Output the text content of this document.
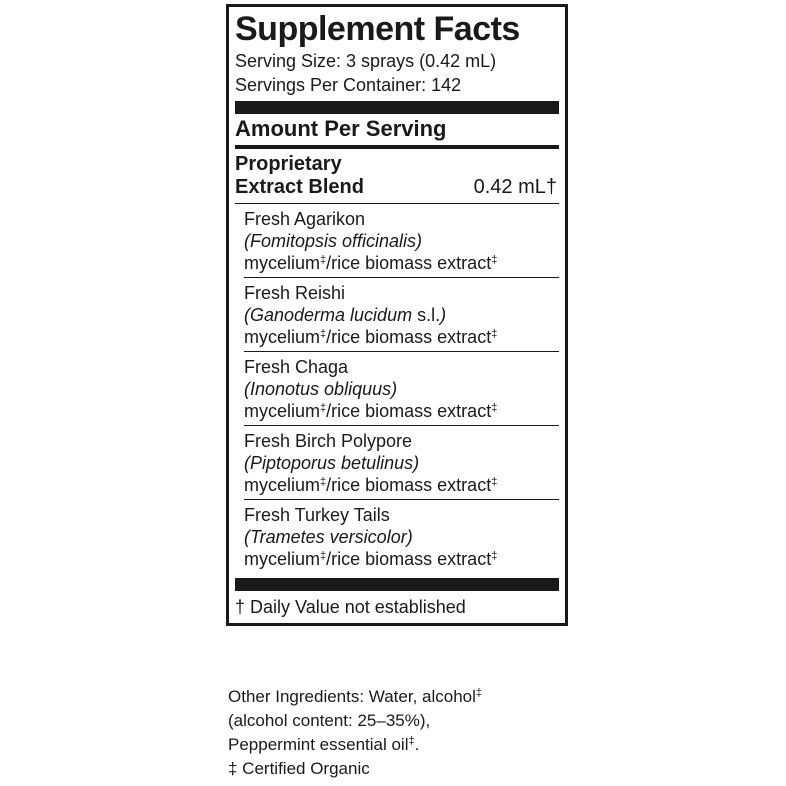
Supplement Facts
Serving Size: 3 sprays (0.42 mL)
Servings Per Container: 142
Amount Per Serving
Proprietary
Extract Blend	0.42 mL†
Fresh Agarikon
(Fomitopsis officinalis)
mycelium‡/rice biomass extract‡
Fresh Reishi
(Ganoderma lucidum s.l.)
mycelium‡/rice biomass extract‡
Fresh Chaga
(Inonotus obliquus)
mycelium‡/rice biomass extract‡
Fresh Birch Polypore
(Piptoporus betulinus)
mycelium‡/rice biomass extract‡
Fresh Turkey Tails
(Trametes versicolor)
mycelium‡/rice biomass extract‡
† Daily Value not established
Other Ingredients: Water, alcohol‡
(alcohol content: 25–35%),
Peppermint essential oil‡.
‡ Certified Organic
